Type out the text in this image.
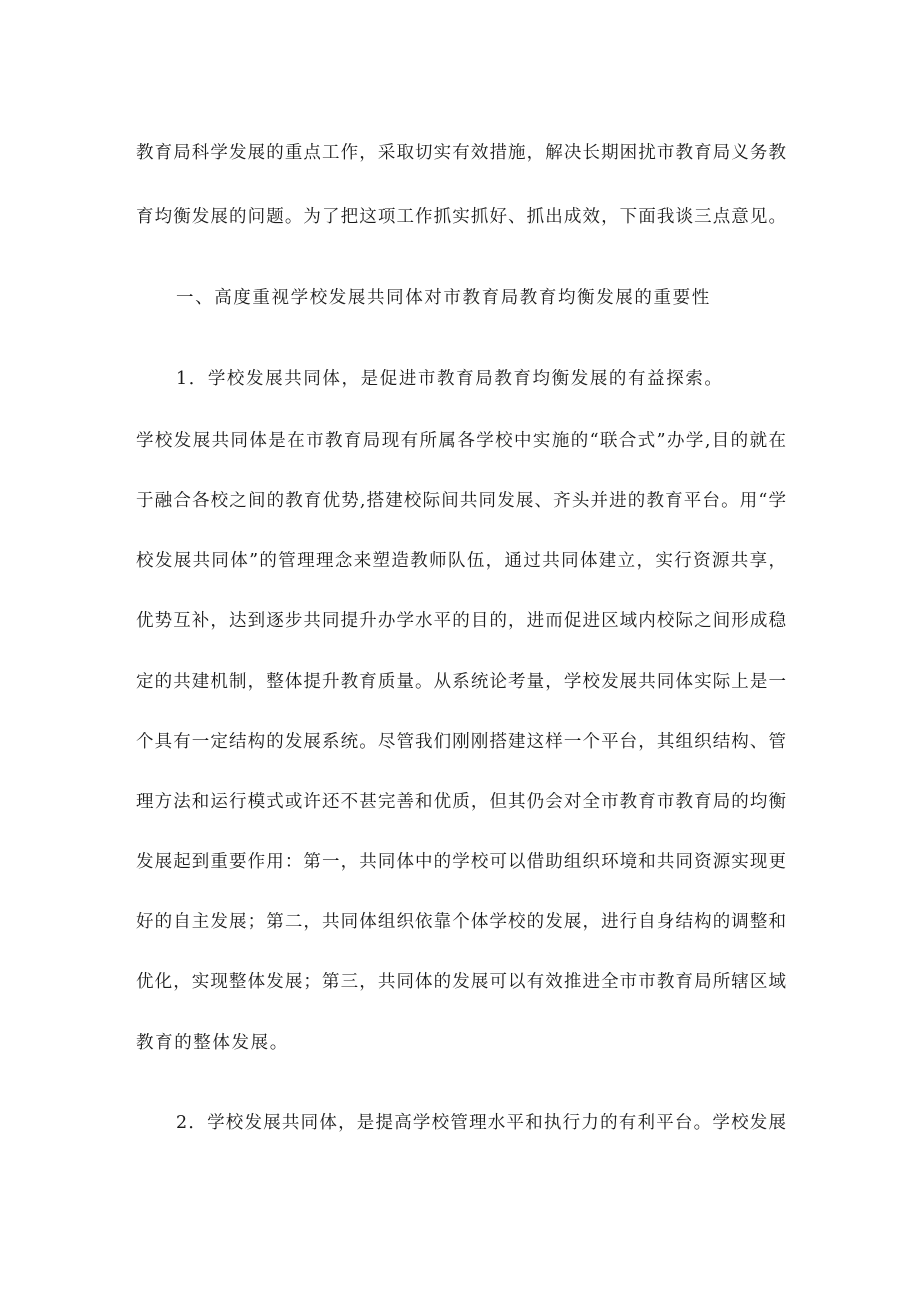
教育局科学发展的重点工作，采取切实有效措施，解决长期困扰市教育局义务教
育均衡发展的问题。为了把这项工作抓实抓好、抓出成效，下面我谈三点意见。
一、高度重视学校发展共同体对市教育局教育均衡发展的重要性
1．学校发展共同体，是促进市教育局教育均衡发展的有益探索。
学校发展共同体是在市教育局现有所属各学校中实施的“联合式”办学,目的就在
于融合各校之间的教育优势,搭建校际间共同发展、齐头并进的教育平台。用“学
校发展共同体”的管理理念来塑造教师队伍，通过共同体建立，实行资源共享，
优势互补，达到逐步共同提升办学水平的目的，进而促进区域内校际之间形成稳
定的共建机制，整体提升教育质量。从系统论考量，学校发展共同体实际上是一
个具有一定结构的发展系统。尽管我们刚刚搭建这样一个平台，其组织结构、管
理方法和运行模式或许还不甚完善和优质，但其仍会对全市教育市教育局的均衡
发展起到重要作用：第一，共同体中的学校可以借助组织环境和共同资源实现更
好的自主发展；第二，共同体组织依靠个体学校的发展，进行自身结构的调整和
优化，实现整体发展；第三，共同体的发展可以有效推进全市市教育局所辖区域
教育的整体发展。
2．学校发展共同体，是提高学校管理水平和执行力的有利平台。学校发展
